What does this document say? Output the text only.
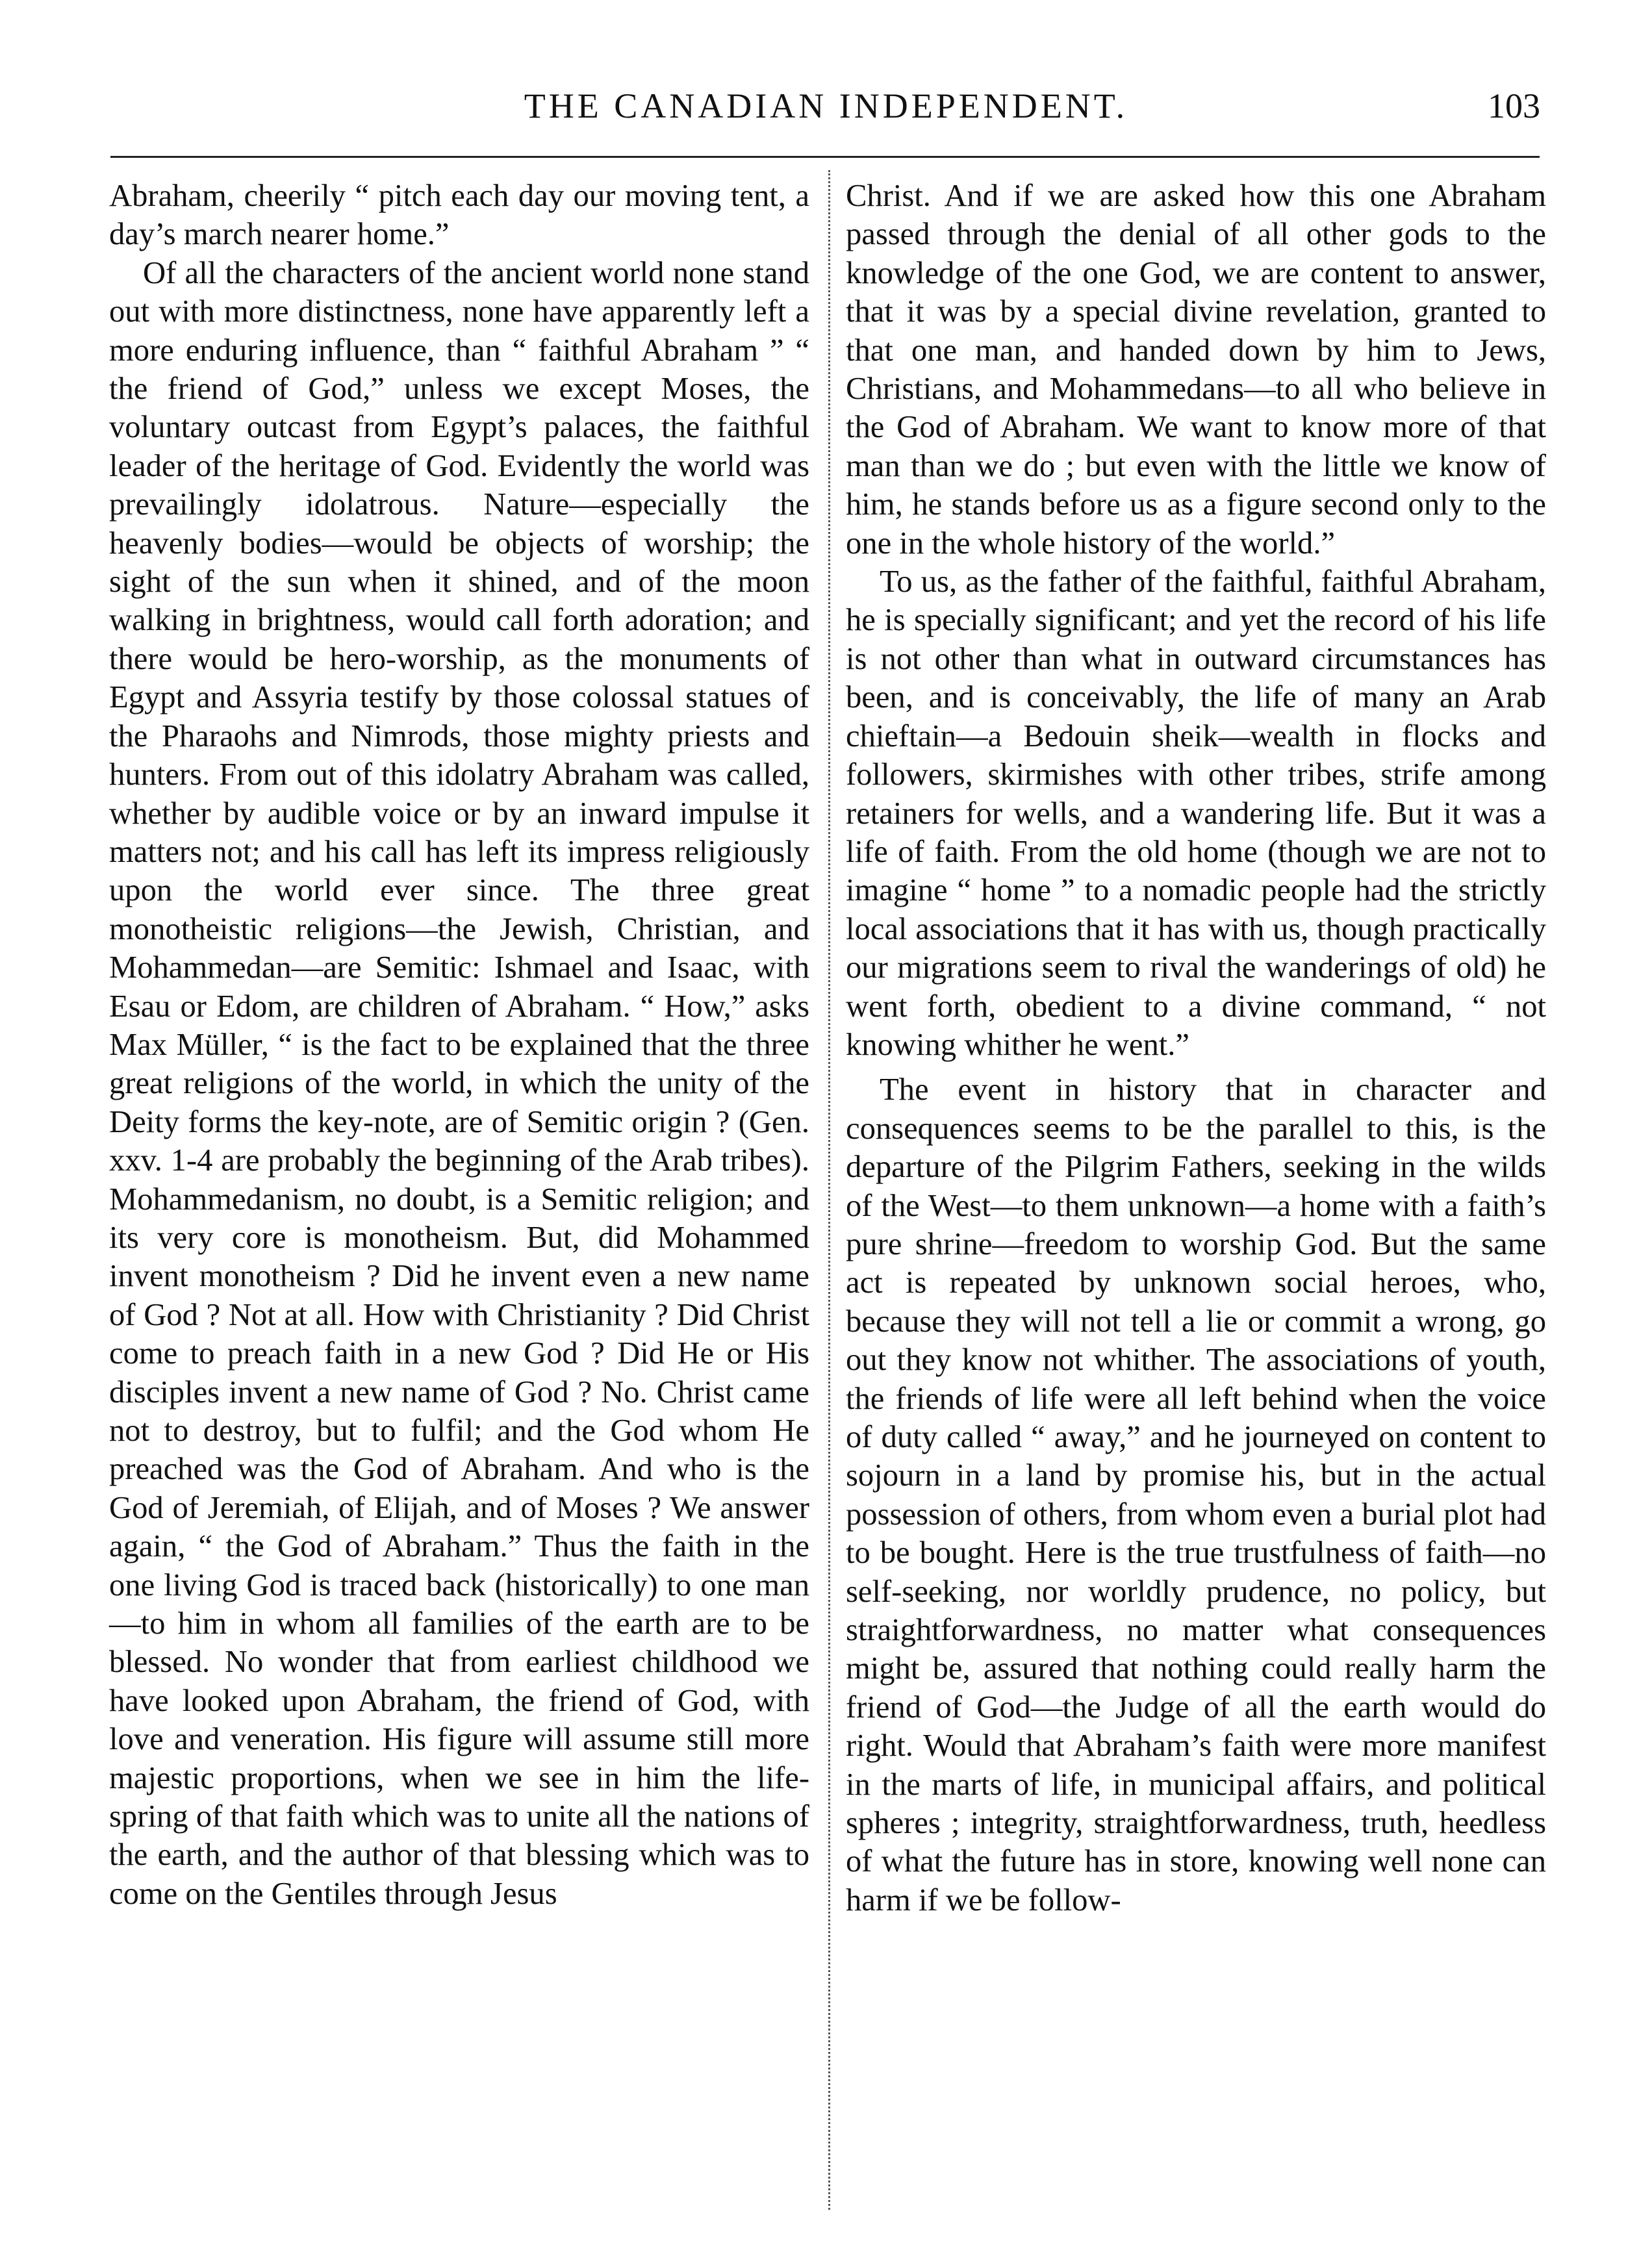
THE CANADIAN INDEPENDENT.	103

Abraham, cheerily “ pitch each day our moving tent, a day’s march nearer home.”

Of all the characters of the ancient world none stand out with more distinctness, none have apparently left a more enduring influence, than “ faithful Abraham ” “ the friend of God,” unless we except Moses, the voluntary outcast from Egypt’s palaces, the faithful leader of the heritage of God. Evidently the world was prevailingly idolatrous. Nature—especially the heavenly bodies—would be objects of worship; the sight of the sun when it shined, and of the moon walking in brightness, would call forth adoration; and there would be hero-worship, as the monuments of Egypt and Assyria testify by those colossal statues of the Pharaohs and Nimrods, those mighty priests and hunters. From out of this idolatry Abraham was called, whether by audible voice or by an inward impulse it matters not; and his call has left its impress religiously upon the world ever since. The three great monotheistic religions—the Jewish, Christian, and Mohammedan—are Semitic: Ishmael and Isaac, with Esau or Edom, are children of Abraham. “ How,” asks Max Müller, “ is the fact to be explained that the three great religions of the world, in which the unity of the Deity forms the key-note, are of Semitic origin ? (Gen. xxv. 1-4 are probably the beginning of the Arab tribes). Mohammedanism, no doubt, is a Semitic religion; and its very core is monotheism. But, did Mohammed invent monotheism ? Did he invent even a new name of God ? Not at all. How with Christianity ? Did Christ come to preach faith in a new God ? Did He or His disciples invent a new name of God ? No. Christ came not to destroy, but to fulfil; and the God whom He preached was the God of Abraham. And who is the God of Jeremiah, of Elijah, and of Moses ? We answer again, “ the God of Abraham.” Thus the faith in the one living God is traced back (historically) to one man—to him in whom all families of the earth are to be blessed. No wonder that from earliest childhood we have looked upon Abraham, the friend of God, with love and veneration. His figure will assume still more majestic proportions, when we see in him the life-spring of that faith which was to unite all the nations of the earth, and the author of that blessing which was to come on the Gentiles through Jesus

Christ. And if we are asked how this one Abraham passed through the denial of all other gods to the knowledge of the one God, we are content to answer, that it was by a special divine revelation, granted to that one man, and handed down by him to Jews, Christians, and Mohammedans—to all who believe in the God of Abraham. We want to know more of that man than we do ; but even with the little we know of him, he stands before us as a figure second only to the one in the whole history of the world.”

To us, as the father of the faithful, faithful Abraham, he is specially significant; and yet the record of his life is not other than what in outward circumstances has been, and is conceivably, the life of many an Arab chieftain—a Bedouin sheik—wealth in flocks and followers, skirmishes with other tribes, strife among retainers for wells, and a wandering life. But it was a life of faith. From the old home (though we are not to imagine “ home ” to a nomadic people had the strictly local associations that it has with us, though practically our migrations seem to rival the wanderings of old) he went forth, obedient to a divine command, “ not knowing whither he went.”

The event in history that in character and consequences seems to be the parallel to this, is the departure of the Pilgrim Fathers, seeking in the wilds of the West—to them unknown—a home with a faith’s pure shrine—freedom to worship God. But the same act is repeated by unknown social heroes, who, because they will not tell a lie or commit a wrong, go out they know not whither. The associations of youth, the friends of life were all left behind when the voice of duty called “ away,” and he journeyed on content to sojourn in a land by promise his, but in the actual possession of others, from whom even a burial plot had to be bought. Here is the true trustfulness of faith—no self-seeking, nor worldly prudence, no policy, but straightforwardness, no matter what consequences might be, assured that nothing could really harm the friend of God—the Judge of all the earth would do right. Would that Abraham’s faith were more manifest in the marts of life, in municipal affairs, and political spheres ; integrity, straightforwardness, truth, heedless of what the future has in store, knowing well none can harm if we be follow-
